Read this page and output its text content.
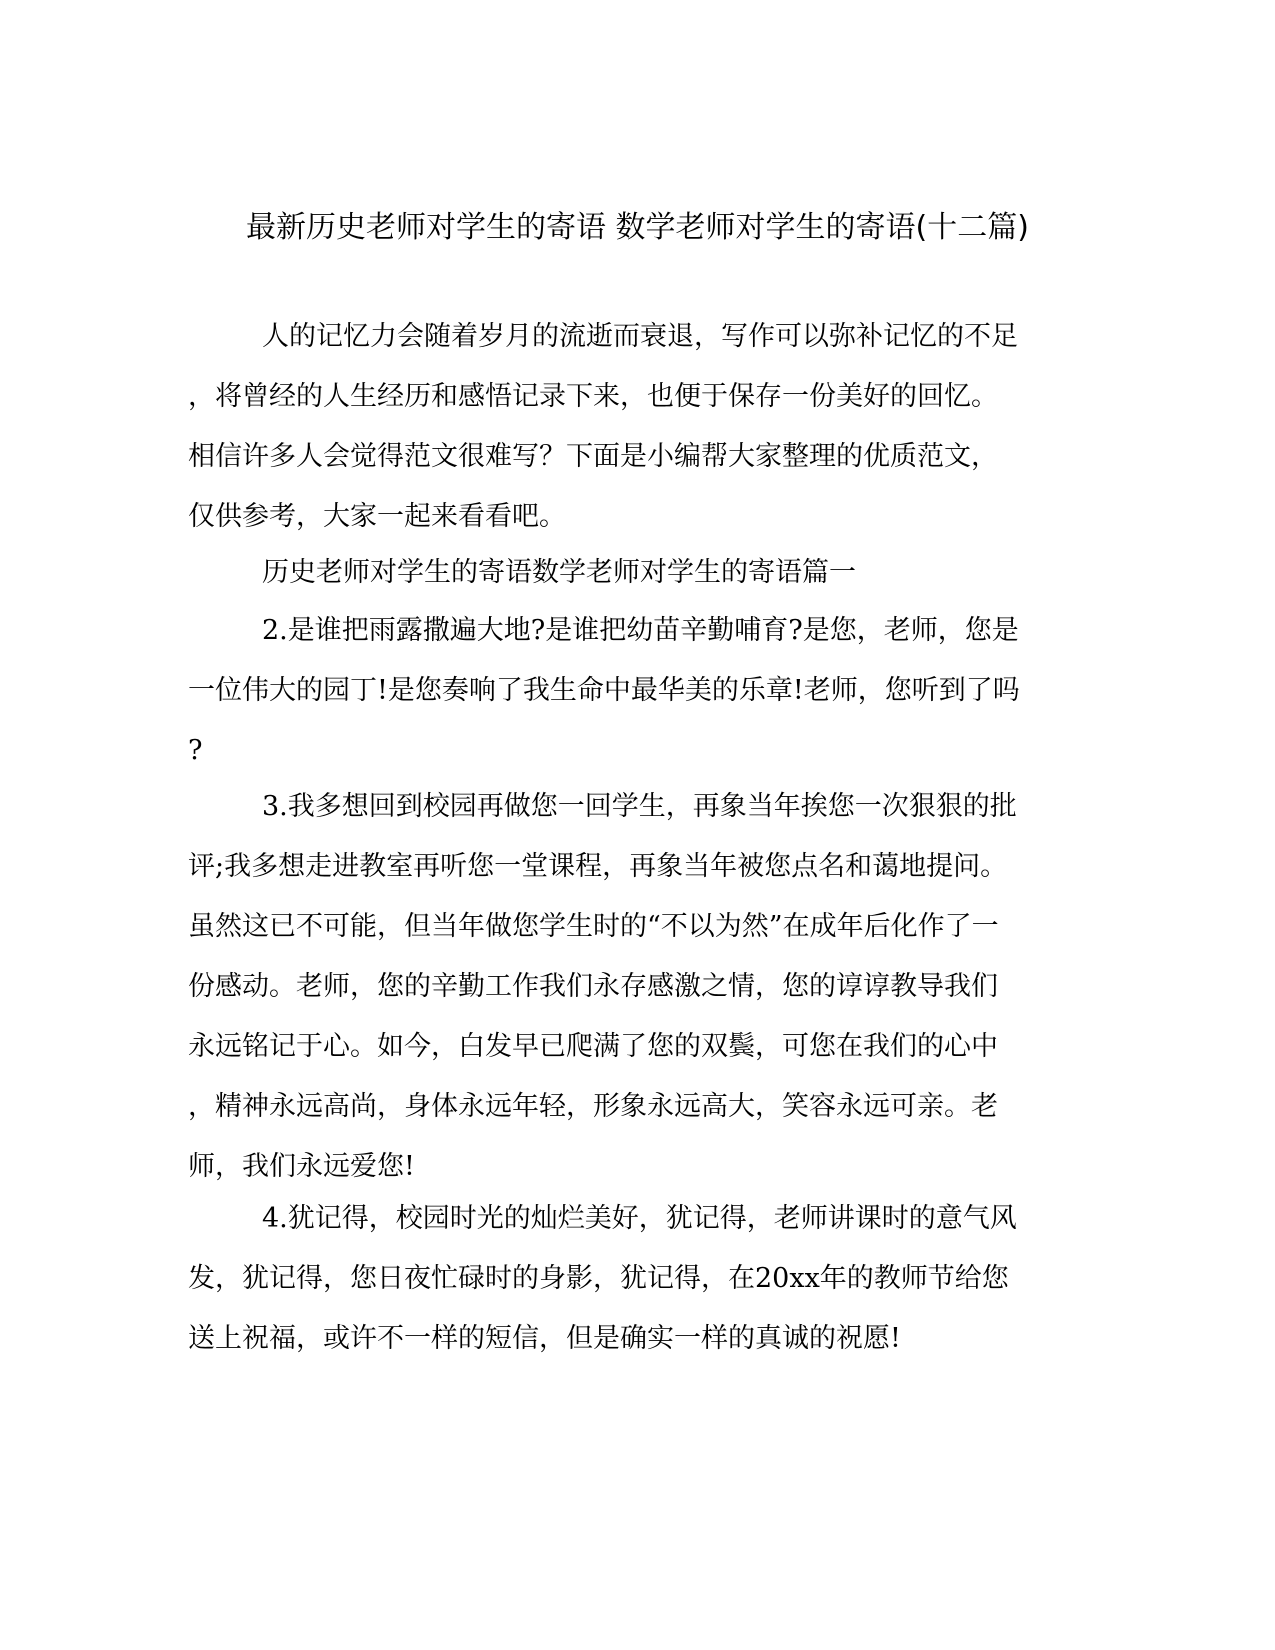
最新历史老师对学生的寄语 数学老师对学生的寄语(十二篇)
人的记忆力会随着岁月的流逝而衰退，写作可以弥补记忆的不足
，将曾经的人生经历和感悟记录下来，也便于保存一份美好的回忆。
相信许多人会觉得范文很难写？下面是小编帮大家整理的优质范文，
仅供参考，大家一起来看看吧。
历史老师对学生的寄语数学老师对学生的寄语篇一
2.是谁把雨露撒遍大地?是谁把幼苗辛勤哺育?是您，老师，您是
一位伟大的园丁!是您奏响了我生命中最华美的乐章!老师，您听到了吗
?
3.我多想回到校园再做您一回学生，再象当年挨您一次狠狠的批
评;我多想走进教室再听您一堂课程，再象当年被您点名和蔼地提问。
虽然这已不可能，但当年做您学生时的“不以为然”在成年后化作了一
份感动。老师，您的辛勤工作我们永存感激之情，您的谆谆教导我们
永远铭记于心。如今，白发早已爬满了您的双鬓，可您在我们的心中
，精神永远高尚，身体永远年轻，形象永远高大，笑容永远可亲。老
师，我们永远爱您!
4.犹记得，校园时光的灿烂美好，犹记得，老师讲课时的意气风
发，犹记得，您日夜忙碌时的身影，犹记得，在20xx年的教师节给您
送上祝福，或许不一样的短信，但是确实一样的真诚的祝愿!
